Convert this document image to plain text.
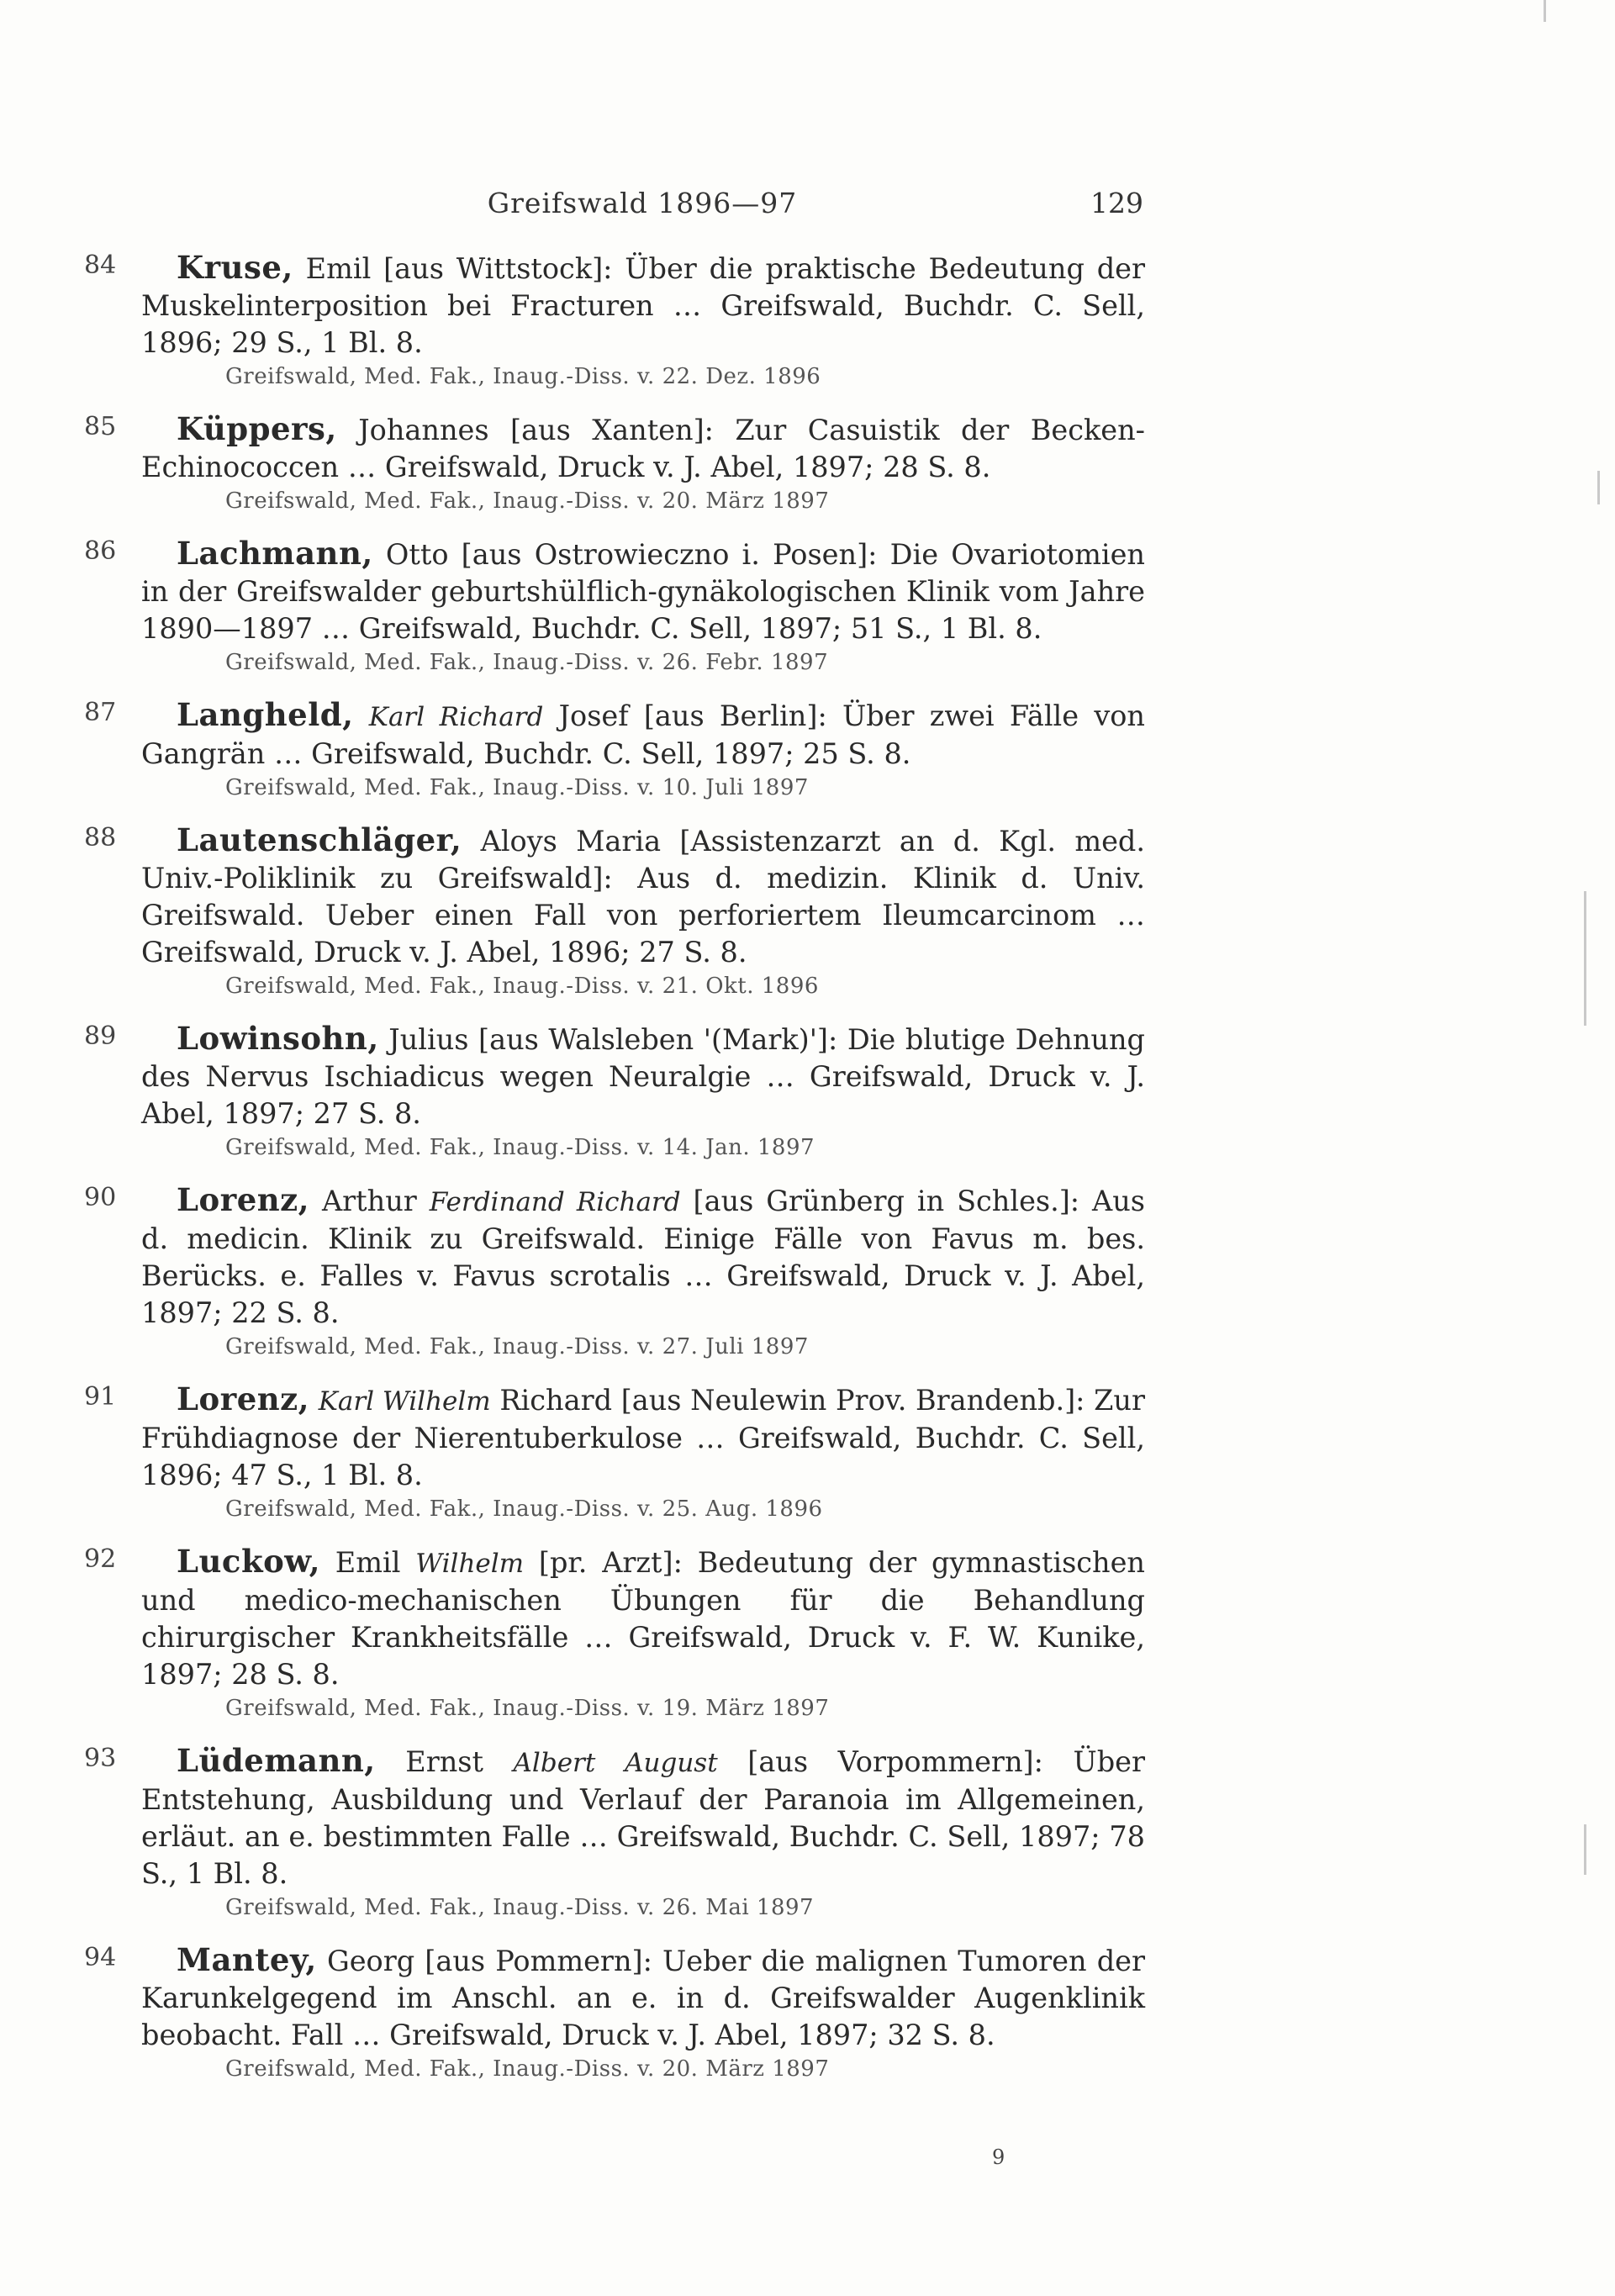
Greifswald 1896—97	129
84	Kruse, Emil [aus Wittstock]: Über die praktische Bedeutung der Muskelinterposition bei Fracturen … Greifswald, Buchdr. C. Sell, 1896; 29 S., 1 Bl. 8.
Greifswald, Med. Fak., Inaug.-Diss. v. 22. Dez. 1896
85	Küppers, Johannes [aus Xanten]: Zur Casuistik der Becken-Echinococcen … Greifswald, Druck v. J. Abel, 1897; 28 S. 8.
Greifswald, Med. Fak., Inaug.-Diss. v. 20. März 1897
86	Lachmann, Otto [aus Ostrowieczno i. Posen]: Die Ovariotomien in der Greifswalder geburtshülflich-gynäkologischen Klinik vom Jahre 1890—1897 … Greifswald, Buchdr. C. Sell, 1897; 51 S., 1 Bl. 8.
Greifswald, Med. Fak., Inaug.-Diss. v. 26. Febr. 1897
87	Langheld, Karl Richard Josef [aus Berlin]: Über zwei Fälle von Gangrän … Greifswald, Buchdr. C. Sell, 1897; 25 S. 8.
Greifswald, Med. Fak., Inaug.-Diss. v. 10. Juli 1897
88	Lautenschläger, Aloys Maria [Assistenzarzt an d. Kgl. med. Univ.-Poliklinik zu Greifswald]: Aus d. medizin. Klinik d. Univ. Greifswald. Ueber einen Fall von perforiertem Ileumcarcinom … Greifswald, Druck v. J. Abel, 1896; 27 S. 8.
Greifswald, Med. Fak., Inaug.-Diss. v. 21. Okt. 1896
89	Lowinsohn, Julius [aus Walsleben '(Mark)']: Die blutige Dehnung des Nervus Ischiadicus wegen Neuralgie … Greifswald, Druck v. J. Abel, 1897; 27 S. 8.
Greifswald, Med. Fak., Inaug.-Diss. v. 14. Jan. 1897
90	Lorenz, Arthur Ferdinand Richard [aus Grünberg in Schles.]: Aus d. medicin. Klinik zu Greifswald. Einige Fälle von Favus m. bes. Berücks. e. Falles v. Favus scrotalis … Greifswald, Druck v. J. Abel, 1897; 22 S. 8.
Greifswald, Med. Fak., Inaug.-Diss. v. 27. Juli 1897
91	Lorenz, Karl Wilhelm Richard [aus Neulewin Prov. Brandenb.]: Zur Frühdiagnose der Nierentuberkulose … Greifswald, Buchdr. C. Sell, 1896; 47 S., 1 Bl. 8.
Greifswald, Med. Fak., Inaug.-Diss. v. 25. Aug. 1896
92	Luckow, Emil Wilhelm [pr. Arzt]: Bedeutung der gymnastischen und medico-mechanischen Übungen für die Behandlung chirurgischer Krankheitsfälle … Greifswald, Druck v. F. W. Kunike, 1897; 28 S. 8.
Greifswald, Med. Fak., Inaug.-Diss. v. 19. März 1897
93	Lüdemann, Ernst Albert August [aus Vorpommern]: Über Entstehung, Ausbildung und Verlauf der Paranoia im Allgemeinen, erläut. an e. bestimmten Falle … Greifswald, Buchdr. C. Sell, 1897; 78 S., 1 Bl. 8.
Greifswald, Med. Fak., Inaug.-Diss. v. 26. Mai 1897
94	Mantey, Georg [aus Pommern]: Ueber die malignen Tumoren der Karunkelgegend im Anschl. an e. in d. Greifswalder Augenklinik beobacht. Fall … Greifswald, Druck v. J. Abel, 1897; 32 S. 8.
Greifswald, Med. Fak., Inaug.-Diss. v. 20. März 1897
9
